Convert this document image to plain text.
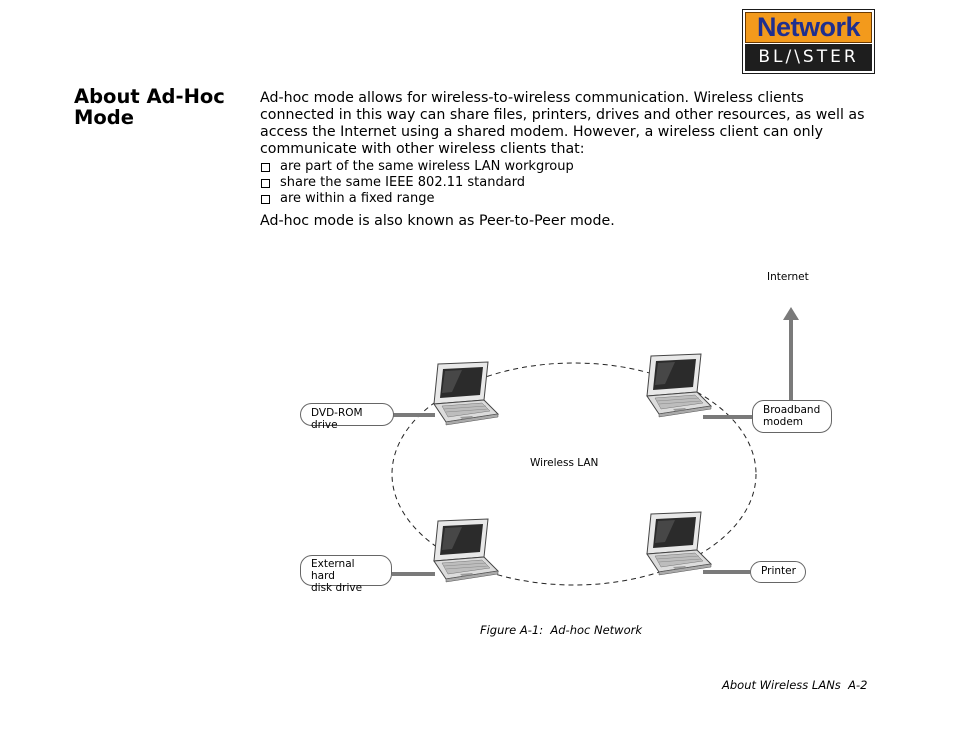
Network
BL/\STER
About Ad-Hoc Mode

Ad-hoc mode allows for wireless-to-wireless communication. Wireless clients connected in this way can share files, printers, drives and other resources, as well as access the Internet using a shared modem. However, a wireless client can only communicate with other wireless clients that:

are part of the same wireless LAN workgroup
share the same IEEE 802.11 standard
are within a fixed range

Ad-hoc mode is also known as Peer-to-Peer mode.

Internet
Wireless LAN
DVD-ROM drive
Broadband
modem
External hard
disk drive
Printer
Figure A-1:  Ad-hoc Network
About Wireless LANs  A-2
